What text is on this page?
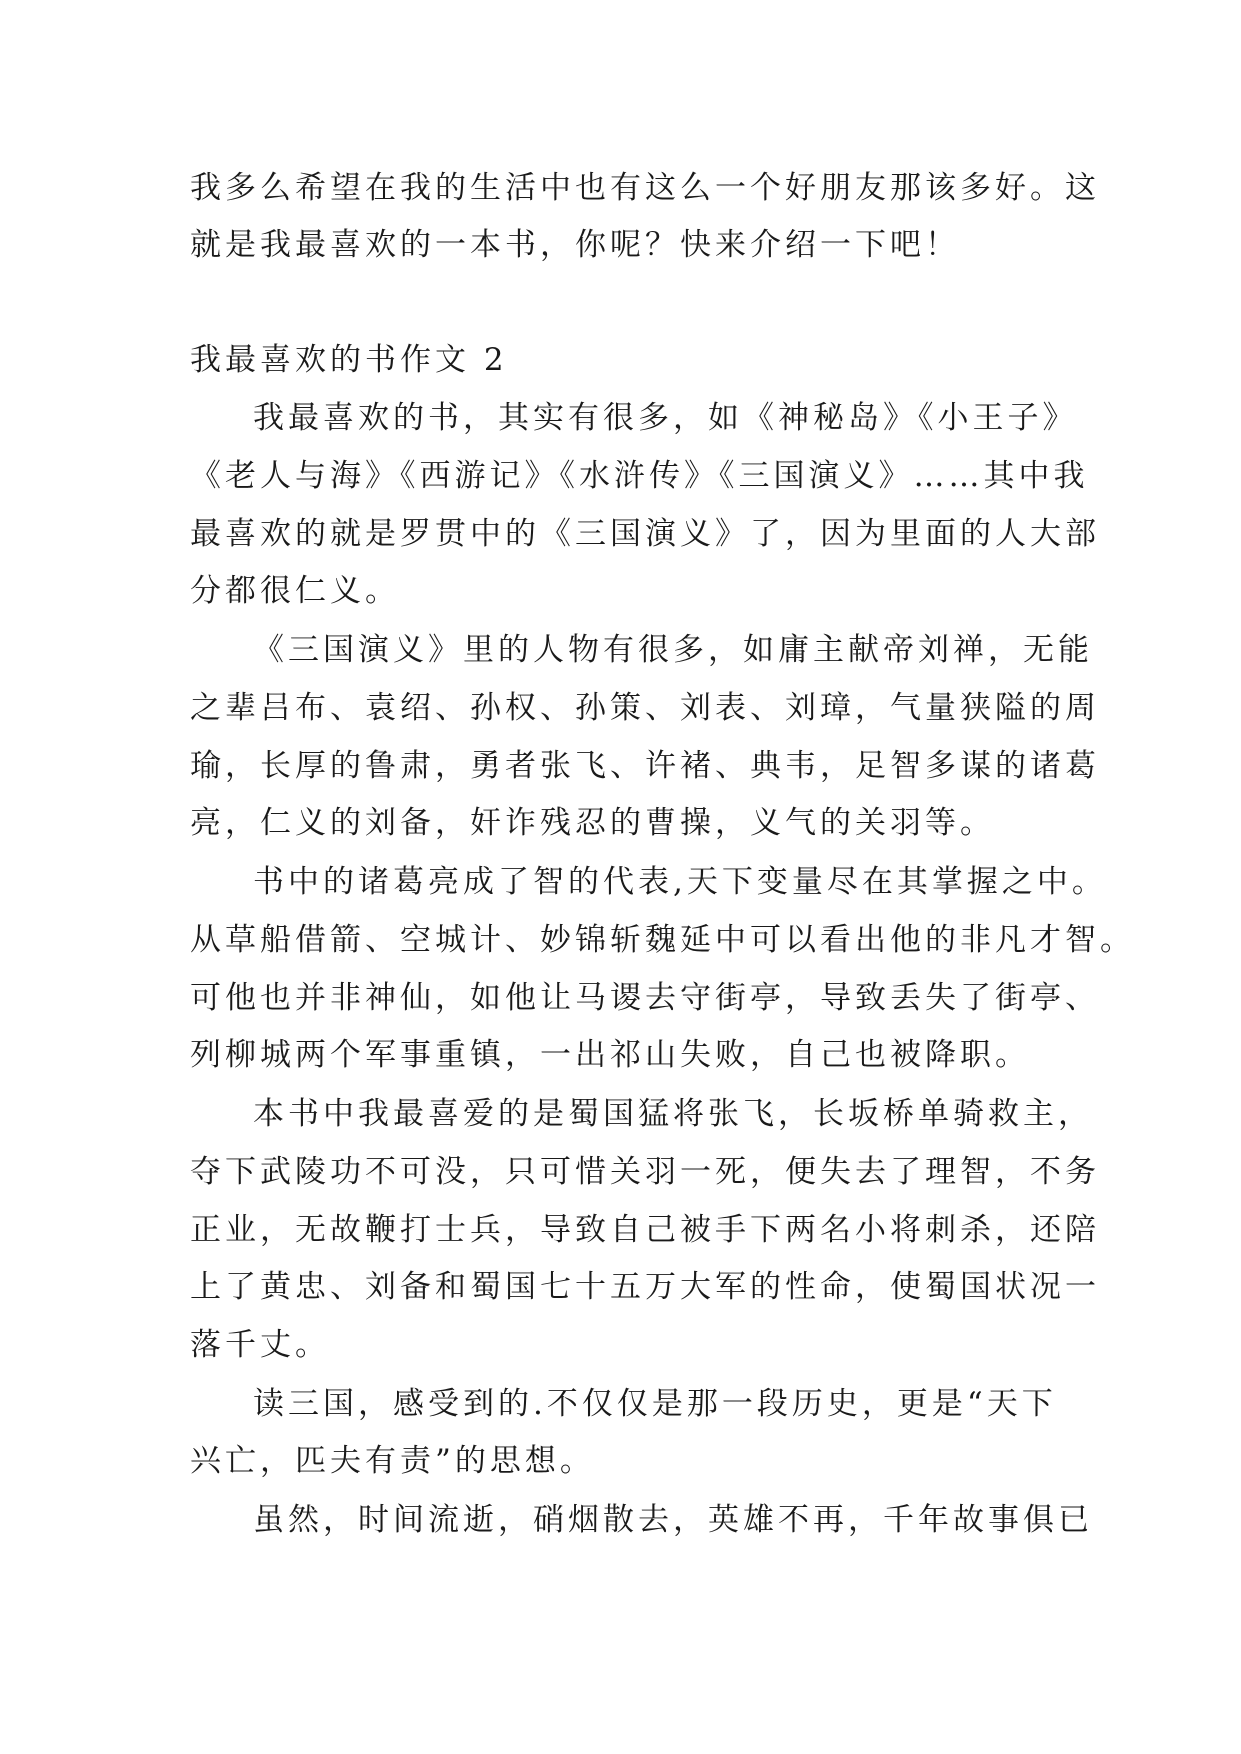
我多么希望在我的生活中也有这么一个好朋友那该多好。这
就是我最喜欢的一本书，你呢？快来介绍一下吧！
我最喜欢的书作文 2
我最喜欢的书，其实有很多，如《神秘岛》《小王子》
《老人与海》《西游记》《水浒传》《三国演义》……其中我
最喜欢的就是罗贯中的《三国演义》了，因为里面的人大部
分都很仁义。
《三国演义》里的人物有很多，如庸主献帝刘禅，无能
之辈吕布、袁绍、孙权、孙策、刘表、刘璋，气量狭隘的周
瑜，长厚的鲁肃，勇者张飞、许褚、典韦，足智多谋的诸葛
亮，仁义的刘备，奸诈残忍的曹操，义气的关羽等。
书中的诸葛亮成了智的代表,天下变量尽在其掌握之中。
从草船借箭、空城计、妙锦斩魏延中可以看出他的非凡才智。
可他也并非神仙，如他让马谡去守街亭，导致丢失了街亭、
列柳城两个军事重镇，一出祁山失败，自己也被降职。
本书中我最喜爱的是蜀国猛将张飞，长坂桥单骑救主，
夺下武陵功不可没，只可惜关羽一死，便失去了理智，不务
正业，无故鞭打士兵，导致自己被手下两名小将刺杀，还陪
上了黄忠、刘备和蜀国七十五万大军的性命，使蜀国状况一
落千丈。
读三国，感受到的.不仅仅是那一段历史，更是“天下
兴亡，匹夫有责”的思想。
虽然，时间流逝，硝烟散去，英雄不再，千年故事俱已
